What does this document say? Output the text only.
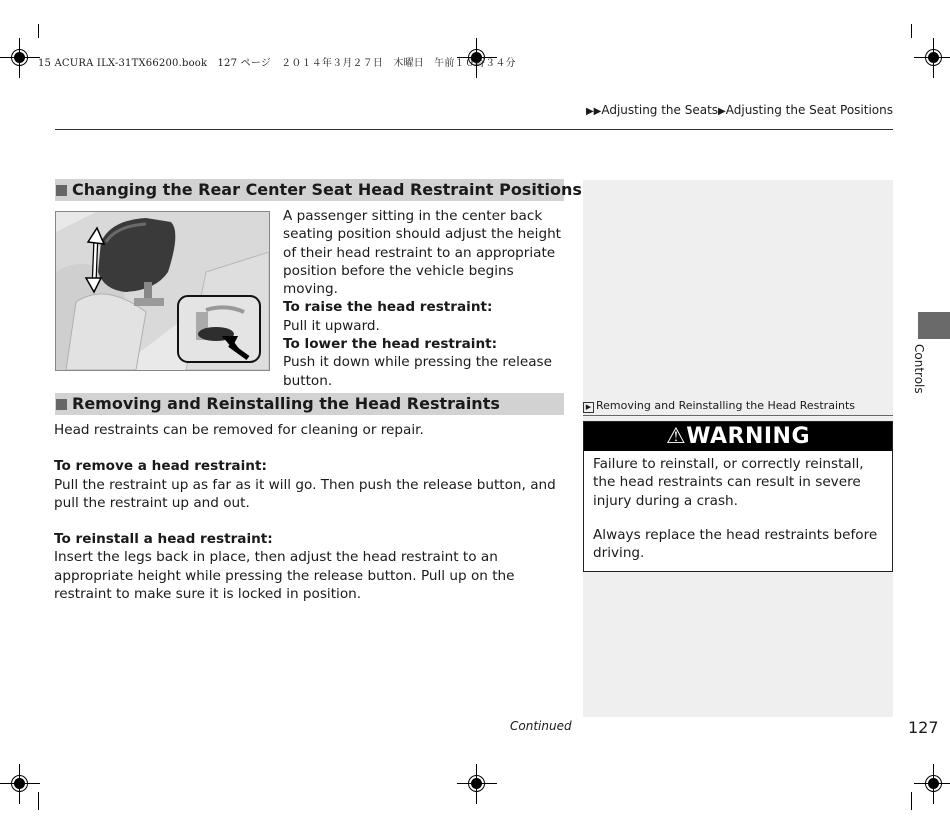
15 ACURA ILX-31TX66200.book　127 ページ　２０１４年３月２７日　木曜日　午前１０時３４分
▶▶Adjusting the Seats▶Adjusting the Seat Positions
Changing the Rear Center Seat Head Restraint Positions
A passenger sitting in the center back seating position should adjust the height of their head restraint to an appropriate position before the vehicle begins moving.
To raise the head restraint:
Pull it upward.
To lower the head restraint:
Push it down while pressing the release button.
Removing and Reinstalling the Head Restraints
Head restraints can be removed for cleaning or repair.
To remove a head restraint:
Pull the restraint up as far as it will go. Then push the release button, and pull the restraint up and out.
To reinstall a head restraint:
Insert the legs back in place, then adjust the head restraint to an appropriate height while pressing the release button. Pull up on the restraint to make sure it is locked in position.
▶ Removing and Reinstalling the Head Restraints
⚠WARNING

Failure to reinstall, or correctly reinstall, the head restraints can result in severe injury during a crash.

Always replace the head restraints before driving.

Controls
Continued	127
